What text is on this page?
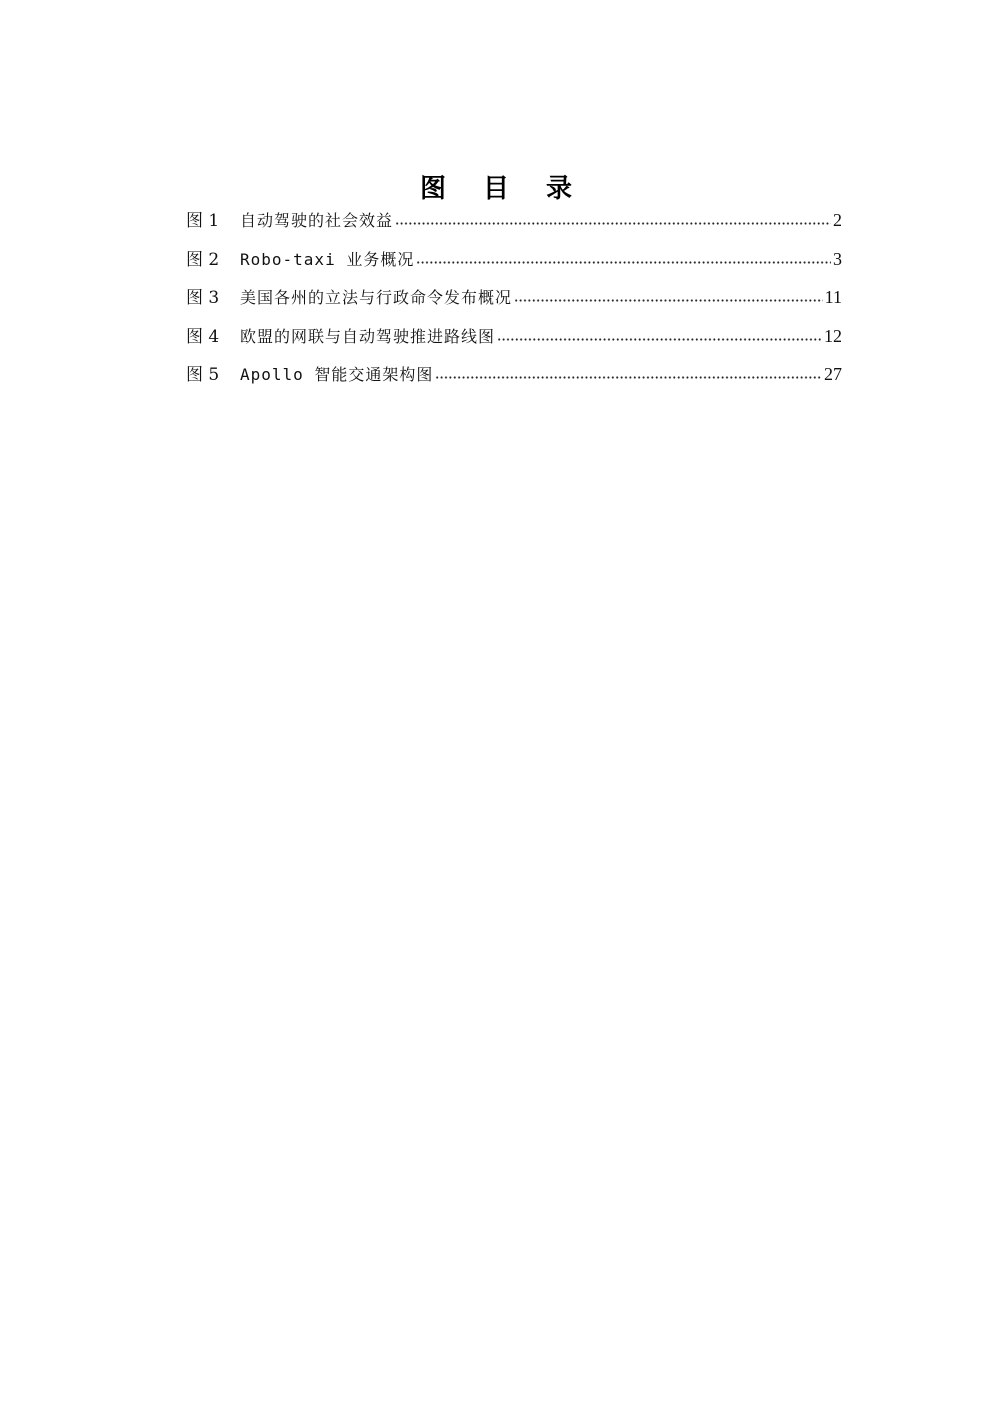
图 目 录
图 1	自动驾驶的社会效益	2
图 2	Robo-taxi 业务概况	3
图 3	美国各州的立法与行政命令发布概况	11
图 4	欧盟的网联与自动驾驶推进路线图	12
图 5	Apollo 智能交通架构图	27
